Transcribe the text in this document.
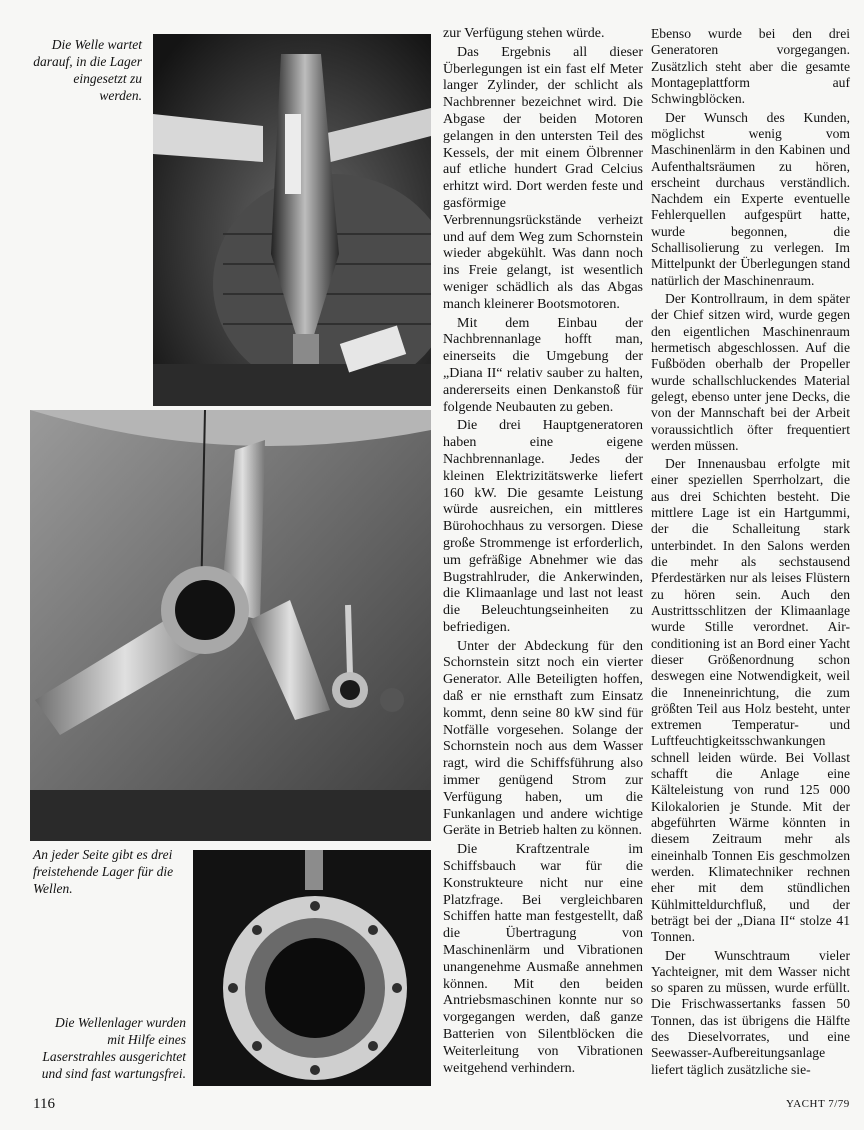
Die Welle wartet darauf, in die Lager eingesetzt zu werden.
An jeder Seite gibt es drei freistehende Lager für die Wellen.
Die Wellenlager wurden mit Hilfe eines Laserstrahles ausgerichtet und sind fast wartungsfrei.

zur Verfügung stehen würde.

Das Ergebnis all dieser Überlegungen ist ein fast elf Meter langer Zylinder, der schlicht als Nachbrenner bezeichnet wird. Die Abgase der beiden Motoren gelangen in den untersten Teil des Kessels, der mit einem Ölbrenner auf etliche hundert Grad Celcius erhitzt wird. Dort werden feste und gasförmige Verbrennungsrückstände verheizt und auf dem Weg zum Schornstein wieder abgekühlt. Was dann noch ins Freie gelangt, ist wesentlich weniger schädlich als das Abgas manch kleinerer Bootsmotoren.

Mit dem Einbau der Nachbrennanlage hofft man, einerseits die Umgebung der „Diana II“ relativ sauber zu halten, andererseits einen Denkanstoß für folgende Neubauten zu geben.

Die drei Hauptgeneratoren haben eine eigene Nachbrennanlage. Jedes der kleinen Elektrizitätswerke liefert 160 kW. Die gesamte Leistung würde ausreichen, ein mittleres Bürohochhaus zu versorgen. Diese große Strommenge ist erforderlich, um gefräßige Abnehmer wie das Bugstrahlruder, die Ankerwinden, die Klimaanlage und last not least die Beleuchtungseinheiten zu befriedigen.

Unter der Abdeckung für den Schornstein sitzt noch ein vierter Generator. Alle Beteiligten hoffen, daß er nie ernsthaft zum Einsatz kommt, denn seine 80 kW sind für Notfälle vorgesehen. Solange der Schornstein noch aus dem Wasser ragt, wird die Schiffsführung also immer genügend Strom zur Verfügung haben, um die Funkanlagen und andere wichtige Geräte in Betrieb halten zu können.

Die Kraftzentrale im Schiffsbauch war für die Konstrukteure nicht nur eine Platzfrage. Bei vergleichbaren Schiffen hatte man festgestellt, daß die Übertragung von Maschinenlärm und Vibrationen unangenehme Ausmaße annehmen können. Mit den beiden Antriebsmaschinen konnte nur so vorgegangen werden, daß ganze Batterien von Silentblöcken die Weiterleitung von Vibrationen weitgehend verhindern.

Ebenso wurde bei den drei Generatoren vorgegangen. Zusätzlich steht aber die gesamte Montageplattform auf Schwingblöcken.

Der Wunsch des Kunden, möglichst wenig vom Maschinenlärm in den Kabinen und Aufenthaltsräumen zu hören, erscheint durchaus verständlich. Nachdem ein Experte eventuelle Fehlerquellen aufgespürt hatte, wurde begonnen, die Schallisolierung zu verlegen. Im Mittelpunkt der Überlegungen stand natürlich der Maschinenraum.

Der Kontrollraum, in dem später der Chief sitzen wird, wurde gegen den eigentlichen Maschinenraum hermetisch abgeschlossen. Auf die Fußböden oberhalb der Propeller wurde schallschluckendes Material gelegt, ebenso unter jene Decks, die von der Mannschaft bei der Arbeit voraussichtlich öfter frequentiert werden müssen.

Der Innenausbau erfolgte mit einer speziellen Sperrholzart, die aus drei Schichten besteht. Die mittlere Lage ist ein Hartgummi, der die Schalleitung stark unterbindet. In den Salons werden die mehr als sechstausend Pferdestärken nur als leises Flüstern zu hören sein. Auch den Austrittsschlitzen der Klimaanlage wurde Stille verordnet. Air-conditioning ist an Bord einer Yacht dieser Größenordnung schon deswegen eine Notwendigkeit, weil die Inneneinrichtung, die zum größten Teil aus Holz besteht, unter extremen Temperatur- und Luftfeuchtigkeitsschwankungen schnell leiden würde. Bei Vollast schafft die Anlage eine Kälteleistung von rund 125 000 Kilokalorien je Stunde. Mit der abgeführten Wärme könnten in diesem Zeitraum mehr als eineinhalb Tonnen Eis geschmolzen werden. Klimatechniker rechnen eher mit dem stündlichen Kühlmitteldurchfluß, und der beträgt bei der „Diana II“ stolze 41 Tonnen.

Der Wunschtraum vieler Yachteigner, mit dem Wasser nicht so sparen zu müssen, wurde erfüllt. Die Frischwassertanks fassen 50 Tonnen, das ist übrigens die Hälfte des Dieselvorrates, und eine Seewasser-Aufbereitungsanlage liefert täglich zusätzliche sie-

116	YACHT 7/79
